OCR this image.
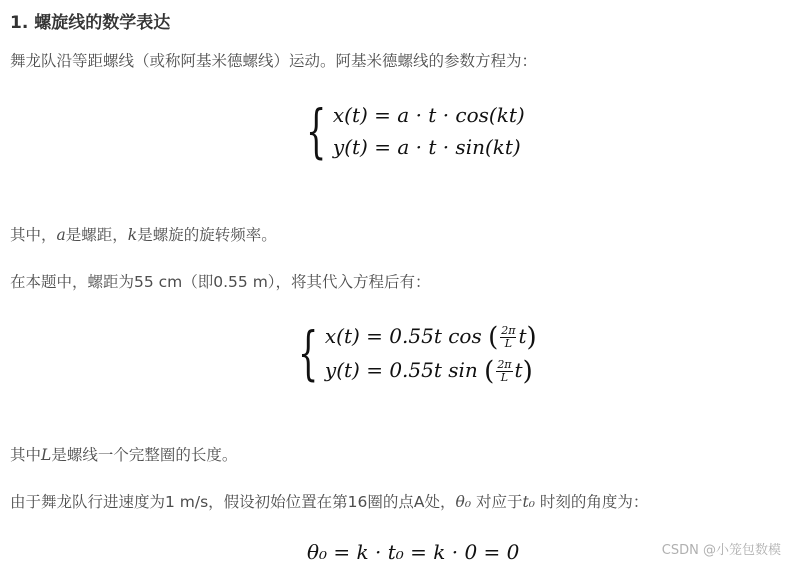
1. 螺旋线的数学表达
舞龙队沿等距螺线（或称阿基米德螺线）运动。阿基米德螺线的参数方程为：
{ x(t) = a · t · cos(kt)
y(t) = a · t · sin(kt)
其中，a是螺距，k是螺旋的旋转频率。
在本题中，螺距为55 cm（即0.55 m），将其代入方程后有：
{ x(t) = 0.55t cos ( $\frac{2\pi}{L} t$)
y(t) = 0.55t sin ( $\frac{2\pi}{L} t$)
其中L是螺线一个完整圈的长度。
由于舞龙队行进速度为1 m/s，假设初始位置在第16圈的点A处，θ₀ 对应于t₀ 时刻的角度为：
θ₀ = k · t₀ = k · 0 = 0	CSDN @小笼包数模
